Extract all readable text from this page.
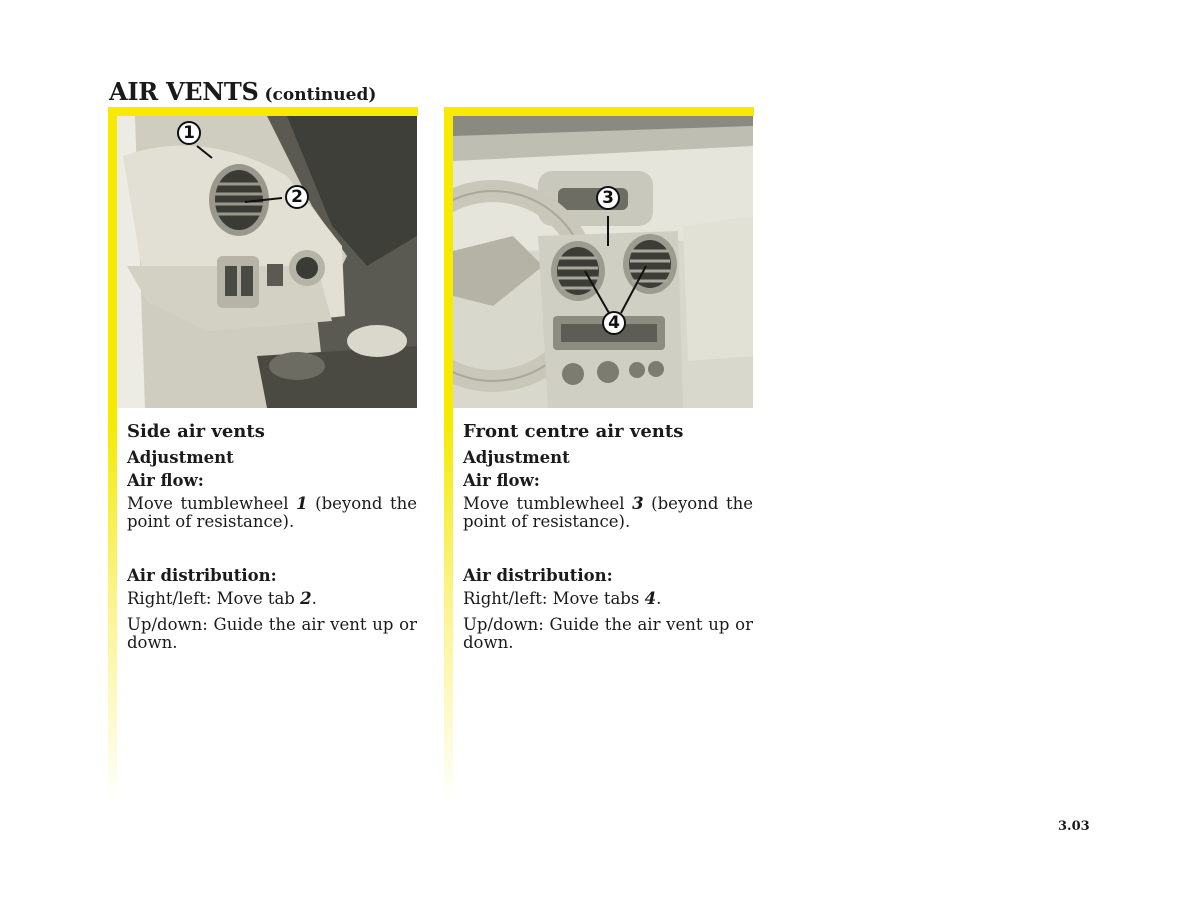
AIR VENTS (continued)
1
2
Side air vents
Adjustment
Air flow:

Move tumblewheel 1 (beyond the point of resistance).

Air distribution:

Right/left: Move tab 2.

Up/down: Guide the air vent up or down.

3
4
Front centre air vents
Adjustment
Air flow:

Move tumblewheel 3 (beyond the point of resistance).

Air distribution:

Right/left: Move tabs 4.

Up/down: Guide the air vent up or down.

3.03
